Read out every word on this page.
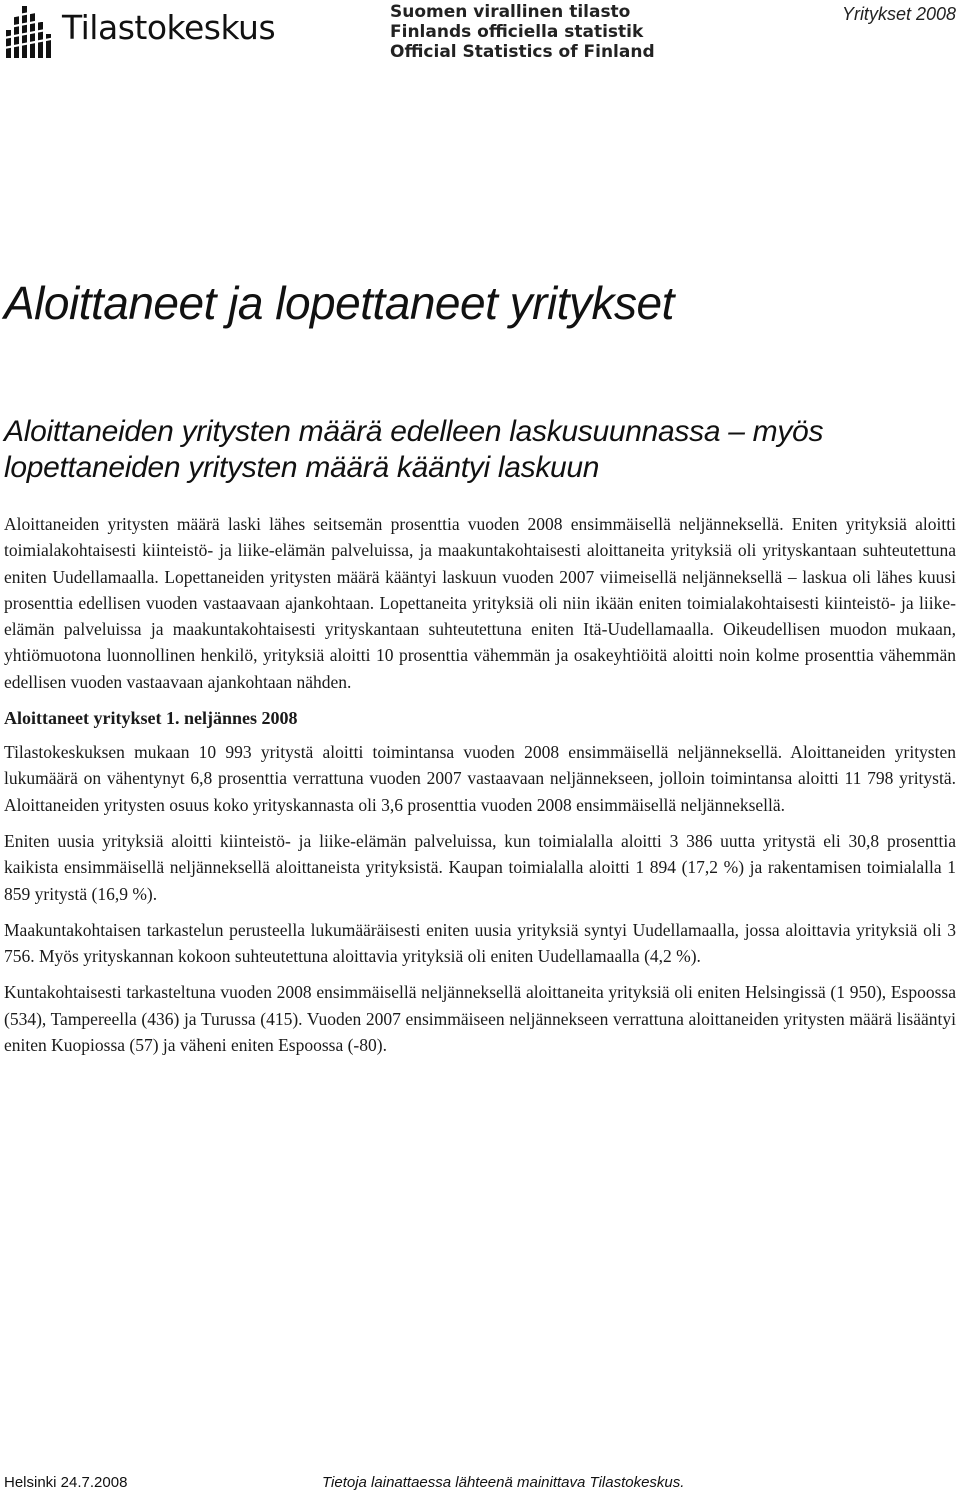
Tilastokeskus	Suomen virallinen tilasto
Finlands officiella statistik
Official Statistics of Finland
Yritykset 2008
Aloittaneet ja lopettaneet yritykset
Aloittaneiden yritysten määrä edelleen laskusuunnassa – myös lopettaneiden yritysten määrä kääntyi laskuun

Aloittaneiden yritysten määrä laski lähes seitsemän prosenttia vuoden 2008 ensimmäisellä neljänneksellä. Eniten yrityksiä aloitti toimialakohtaisesti kiinteistö- ja liike-elämän palveluissa, ja maakuntakohtaisesti aloittaneita yrityksiä oli yrityskantaan suhteutettuna eniten Uudellamaalla. Lopettaneiden yritysten määrä kääntyi laskuun vuoden 2007 viimeisellä neljänneksellä – laskua oli lähes kuusi prosenttia edellisen vuoden vastaavaan ajankohtaan. Lopettaneita yrityksiä oli niin ikään eniten toimialakohtaisesti kiinteistö- ja liike-elämän palveluissa ja maakuntakohtaisesti yrityskantaan suhteutettuna eniten Itä-Uudellamaalla. Oikeudellisen muodon mukaan, yhtiömuotona luonnollinen henkilö, yrityksiä aloitti 10 prosenttia vähemmän ja osakeyhtiöitä aloitti noin kolme prosenttia vähemmän edellisen vuoden vastaavaan ajankohtaan nähden.

Aloittaneet yritykset 1. neljännes 2008

Tilastokeskuksen mukaan 10 993 yritystä aloitti toimintansa vuoden 2008 ensimmäisellä neljänneksellä. Aloittaneiden yritysten lukumäärä on vähentynyt 6,8 prosenttia verrattuna vuoden 2007 vastaavaan neljännekseen, jolloin toimintansa aloitti 11 798 yritystä. Aloittaneiden yritysten osuus koko yrityskannasta oli 3,6 prosenttia vuoden 2008 ensimmäisellä neljänneksellä.

Eniten uusia yrityksiä aloitti kiinteistö- ja liike-elämän palveluissa, kun toimialalla aloitti 3 386 uutta yritystä eli 30,8 prosenttia kaikista ensimmäisellä neljänneksellä aloittaneista yrityksistä. Kaupan toimialalla aloitti 1 894 (17,2 %) ja rakentamisen toimialalla 1 859 yritystä (16,9 %).

Maakuntakohtaisen tarkastelun perusteella lukumääräisesti eniten uusia yrityksiä syntyi Uudellamaalla, jossa aloittavia yrityksiä oli 3 756. Myös yrityskannan kokoon suhteutettuna aloittavia yrityksiä oli eniten Uudellamaalla (4,2 %).

Kuntakohtaisesti tarkasteltuna vuoden 2008 ensimmäisellä neljänneksellä aloittaneita yrityksiä oli eniten Helsingissä (1 950), Espoossa (534), Tampereella (436) ja Turussa (415). Vuoden 2007 ensimmäiseen neljännekseen verrattuna aloittaneiden yritysten määrä lisääntyi eniten Kuopiossa (57) ja väheni eniten Espoossa (-80).

Helsinki 24.7.2008	Tietoja lainattaessa lähteenä mainittava Tilastokeskus.
